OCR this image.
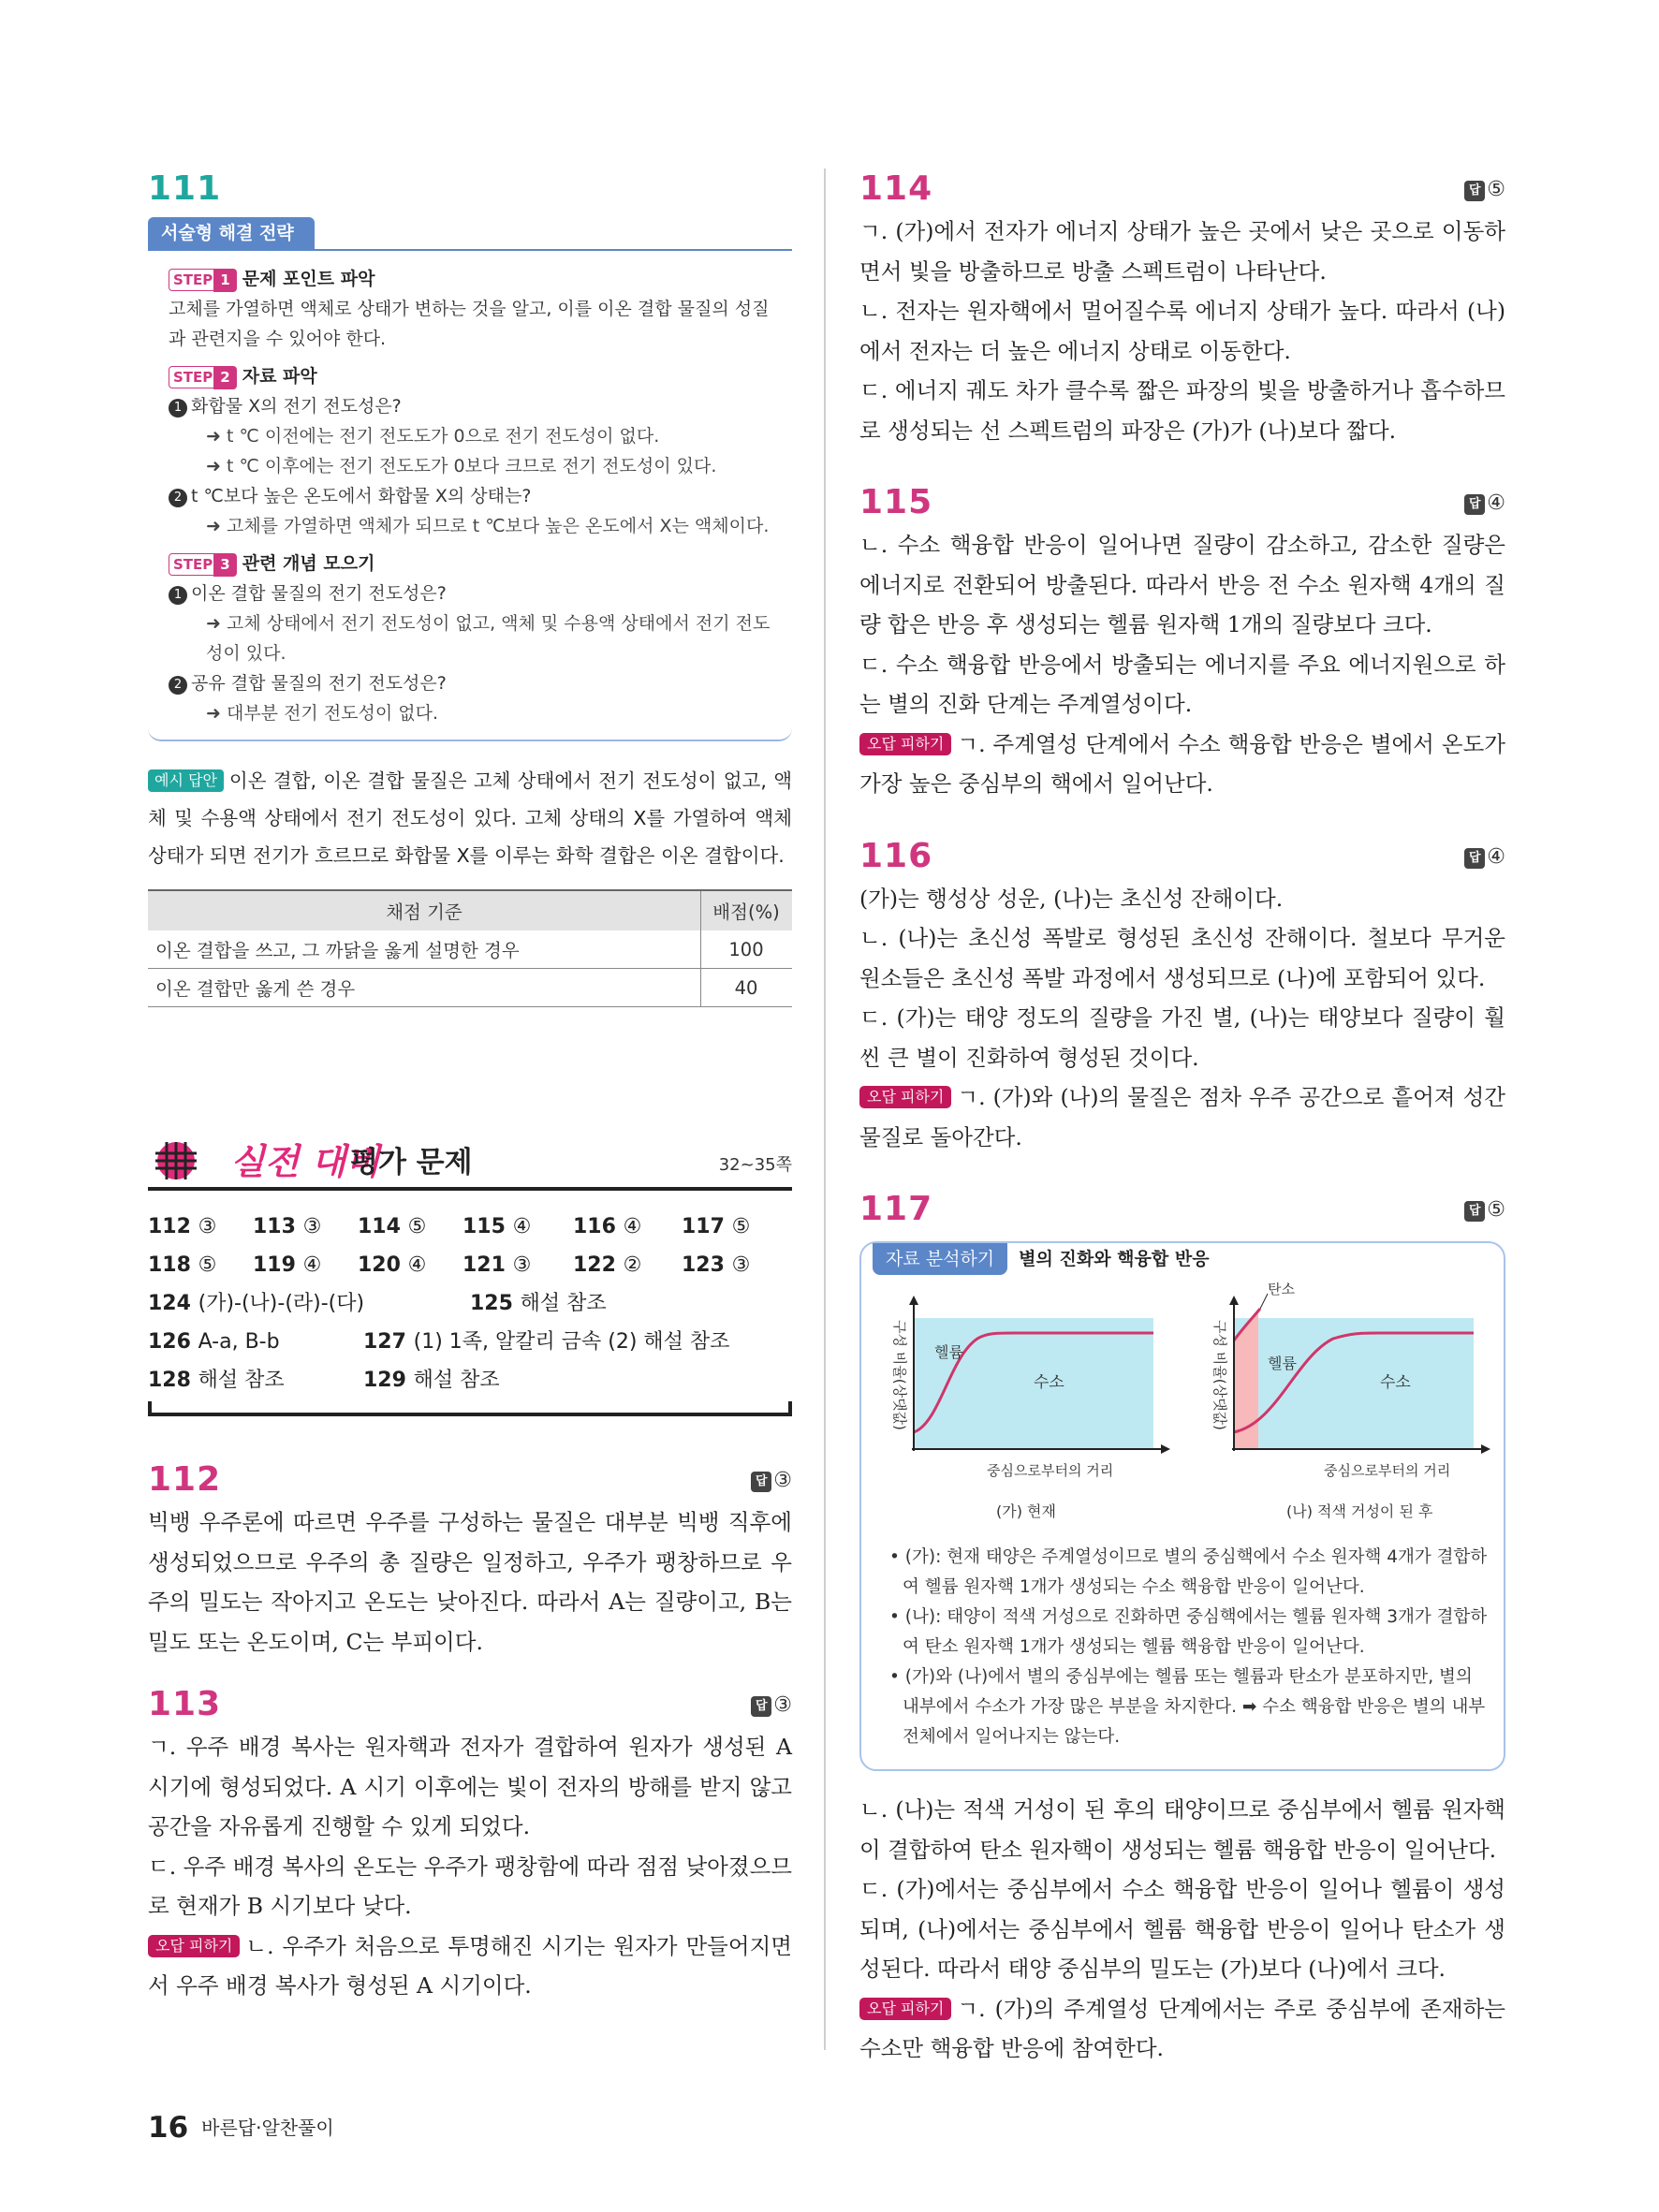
111
서술형 해결 전략
STEP 1 문제 포인트 파악
고체를 가열하면 액체로 상태가 변하는 것을 알고, 이를 이온 결합 물질의 성질과 관련지을 수 있어야 한다.
STEP 2 자료 파악
1 화합물 X의 전기 전도성은?
➜ t ℃ 이전에는 전기 전도도가 0으로 전기 전도성이 없다.
➜ t ℃ 이후에는 전기 전도도가 0보다 크므로 전기 전도성이 있다.
2 t ℃보다 높은 온도에서 화합물 X의 상태는?
➜ 고체를 가열하면 액체가 되므로 t ℃보다 높은 온도에서 X는 액체이다.
STEP 3 관련 개념 모으기
1 이온 결합 물질의 전기 전도성은?
➜ 고체 상태에서 전기 전도성이 없고, 액체 및 수용액 상태에서 전기 전도성이 있다.
2 공유 결합 물질의 전기 전도성은?
➜ 대부분 전기 전도성이 없다.
예시 답안 이온 결합, 이온 결합 물질은 고체 상태에서 전기 전도성이 없고, 액체 및 수용액 상태에서 전기 전도성이 있다. 고체 상태의 X를 가열하여 액체 상태가 되면 전기가 흐르므로 화합물 X를 이루는 화학 결합은 이온 결합이다.
채점 기준	배점(%)
이온 결합을 쓰고, 그 까닭을 옳게 설명한 경우	100
이온 결합만 옳게 쓴 경우	40
실전 대비
평가 문제	32~35쪽
112 ③ 113 ③ 114 ⑤ 115 ④ 116 ④ 117 ⑤
118 ⑤ 119 ④ 120 ④ 121 ③ 122 ② 123 ③
124 (가)-(나)-(라)-(다)	125 해설 참조
126 A-a, B-b	127 (1) 1족, 알칼리 금속 (2) 해설 참조
128 해설 참조	129 해설 참조
112	답 ③

빅뱅 우주론에 따르면 우주를 구성하는 물질은 대부분 빅뱅 직후에 생성되었으므로 우주의 총 질량은 일정하고, 우주가 팽창하므로 우주의 밀도는 작아지고 온도는 낮아진다. 따라서 A는 질량이고, B는 밀도 또는 온도이며, C는 부피이다.

113	답 ③

ㄱ. 우주 배경 복사는 원자핵과 전자가 결합하여 원자가 생성된 A 시기에 형성되었다. A 시기 이후에는 빛이 전자의 방해를 받지 않고 공간을 자유롭게 진행할 수 있게 되었다.

ㄷ. 우주 배경 복사의 온도는 우주가 팽창함에 따라 점점 낮아졌으므로 현재가 B 시기보다 낮다.

오답 피하기 ㄴ. 우주가 처음으로 투명해진 시기는 원자가 만들어지면서 우주 배경 복사가 형성된 A 시기이다.

114	답 ⑤

ㄱ. (가)에서 전자가 에너지 상태가 높은 곳에서 낮은 곳으로 이동하면서 빛을 방출하므로 방출 스펙트럼이 나타난다.

ㄴ. 전자는 원자핵에서 멀어질수록 에너지 상태가 높다. 따라서 (나)에서 전자는 더 높은 에너지 상태로 이동한다.

ㄷ. 에너지 궤도 차가 클수록 짧은 파장의 빛을 방출하거나 흡수하므로 생성되는 선 스펙트럼의 파장은 (가)가 (나)보다 짧다.

115	답 ④

ㄴ. 수소 핵융합 반응이 일어나면 질량이 감소하고, 감소한 질량은 에너지로 전환되어 방출된다. 따라서 반응 전 수소 원자핵 4개의 질량 합은 반응 후 생성되는 헬륨 원자핵 1개의 질량보다 크다.

ㄷ. 수소 핵융합 반응에서 방출되는 에너지를 주요 에너지원으로 하는 별의 진화 단계는 주계열성이다.

오답 피하기 ㄱ. 주계열성 단계에서 수소 핵융합 반응은 별에서 온도가 가장 높은 중심부의 핵에서 일어난다.

116	답 ④

(가)는 행성상 성운, (나)는 초신성 잔해이다.

ㄴ. (나)는 초신성 폭발로 형성된 초신성 잔해이다. 철보다 무거운 원소들은 초신성 폭발 과정에서 생성되므로 (나)에 포함되어 있다.

ㄷ. (가)는 태양 정도의 질량을 가진 별, (나)는 태양보다 질량이 훨씬 큰 별이 진화하여 형성된 것이다.

오답 피하기 ㄱ. (가)와 (나)의 물질은 점차 우주 공간으로 흩어져 성간 물질로 돌아간다.

117	답 ⑤
자료 분석하기 별의 진화와 핵융합 반응
헬륨
수소
중심으로부터의 거리
(가) 현재
구성 비율(상댓값)
탄소
헬륨
수소
중심으로부터의 거리
(나) 적색 거성이 된 후
구성 비율(상댓값)

• (가): 현재 태양은 주계열성이므로 별의 중심핵에서 수소 원자핵 4개가 결합하여 헬륨 원자핵 1개가 생성되는 수소 핵융합 반응이 일어난다.

• (나): 태양이 적색 거성으로 진화하면 중심핵에서는 헬륨 원자핵 3개가 결합하여 탄소 원자핵 1개가 생성되는 헬륨 핵융합 반응이 일어난다.

• (가)와 (나)에서 별의 중심부에는 헬륨 또는 헬륨과 탄소가 분포하지만, 별의 내부에서 수소가 가장 많은 부분을 차지한다. ➡ 수소 핵융합 반응은 별의 내부 전체에서 일어나지는 않는다.

ㄴ. (나)는 적색 거성이 된 후의 태양이므로 중심부에서 헬륨 원자핵이 결합하여 탄소 원자핵이 생성되는 헬륨 핵융합 반응이 일어난다.

ㄷ. (가)에서는 중심부에서 수소 핵융합 반응이 일어나 헬륨이 생성되며, (나)에서는 중심부에서 헬륨 핵융합 반응이 일어나 탄소가 생성된다. 따라서 태양 중심부의 밀도는 (가)보다 (나)에서 크다.

오답 피하기 ㄱ. (가)의 주계열성 단계에서는 주로 중심부에 존재하는 수소만 핵융합 반응에 참여한다.

16 바른답·알찬풀이
